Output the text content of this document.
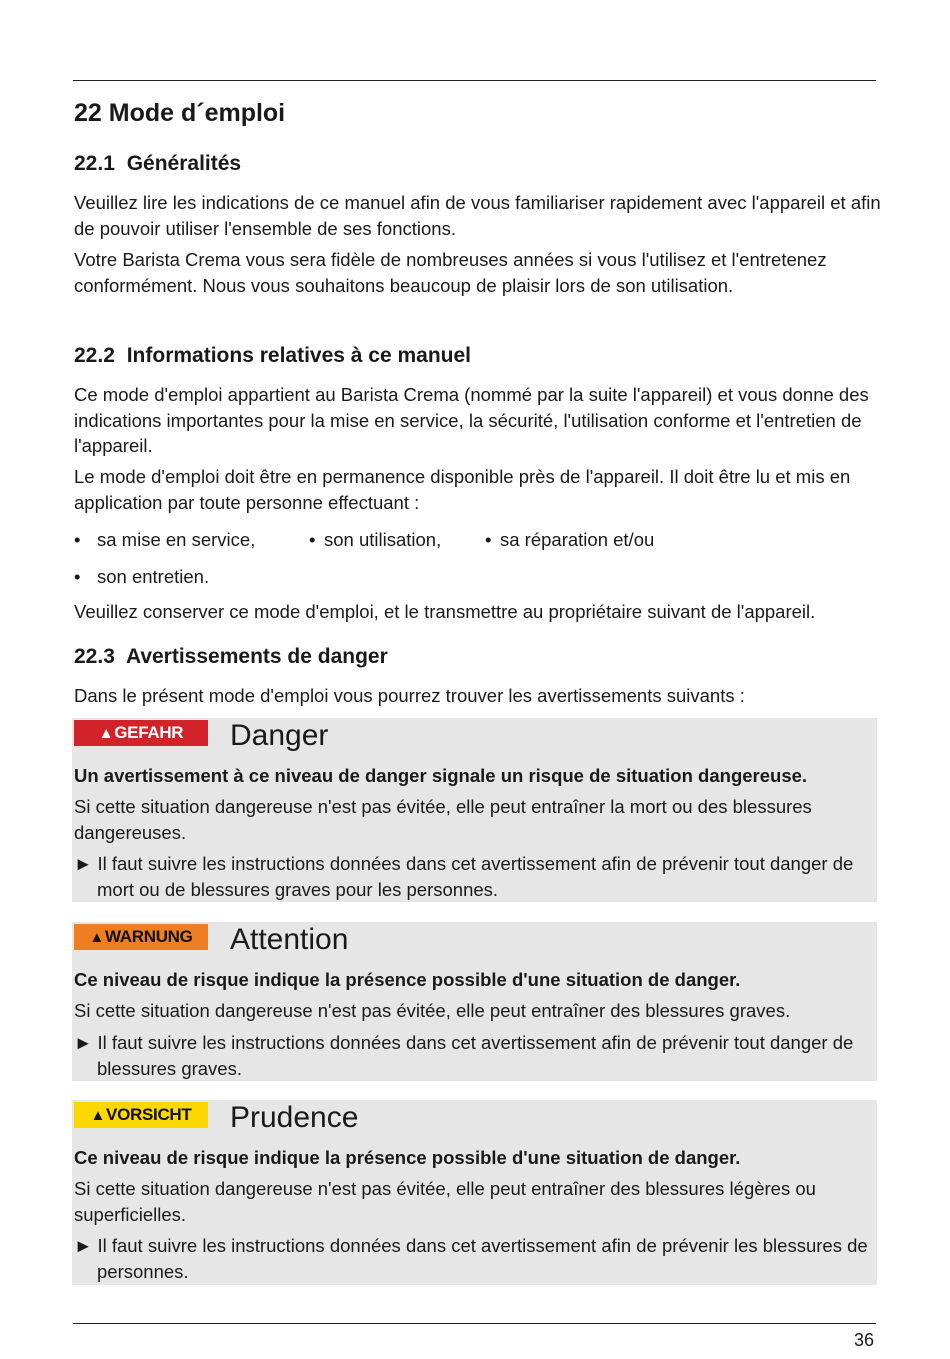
22 Mode d´emploi
22.1 Généralités

Veuillez lire les indications de ce manuel afin de vous familiariser rapidement avec l'appareil et afin de pouvoir utiliser l'ensemble de ses fonctions.

Votre Barista Crema vous sera fidèle de nombreuses années si vous l'utilisez et l'entretenez conformément. Nous vous souhaitons beaucoup de plaisir lors de son utilisation.

22.2 Informations relatives à ce manuel

Ce mode d'emploi appartient au Barista Crema (nommé par la suite l'appareil) et vous donne des indications importantes pour la mise en service, la sécurité, l'utilisation conforme et l'entretien de l'appareil.

Le mode d'emploi doit être en permanence disponible près de l'appareil. Il doit être lu et mis en application par toute personne effectuant :

• sa mise en service,	• son utilisation, • sa réparation et/ou
• son entretien.

Veuillez conserver ce mode d'emploi, et le transmettre au propriétaire suivant de l'appareil.

22.3 Avertissements de danger

Dans le présent mode d'emploi vous pourrez trouver les avertissements suivants :

▲GEFAHR	Danger
Un avertissement à ce niveau de danger signale un risque de situation dangereuse.
Si cette situation dangereuse n'est pas évitée, elle peut entraîner la mort ou des blessures dangereuses.
► Il faut suivre les instructions données dans cet avertissement afin de prévenir tout danger de mort ou de blessures graves pour les personnes.
▲WARNUNG	Attention
Ce niveau de risque indique la présence possible d'une situation de danger.
Si cette situation dangereuse n'est pas évitée, elle peut entraîner des blessures graves.
► Il faut suivre les instructions données dans cet avertissement afin de prévenir tout danger de blessures graves.
▲VORSICHT	Prudence
Ce niveau de risque indique la présence possible d'une situation de danger.
Si cette situation dangereuse n'est pas évitée, elle peut entraîner des blessures légères ou superficielles.
► Il faut suivre les instructions données dans cet avertissement afin de prévenir les blessures de personnes.
36
